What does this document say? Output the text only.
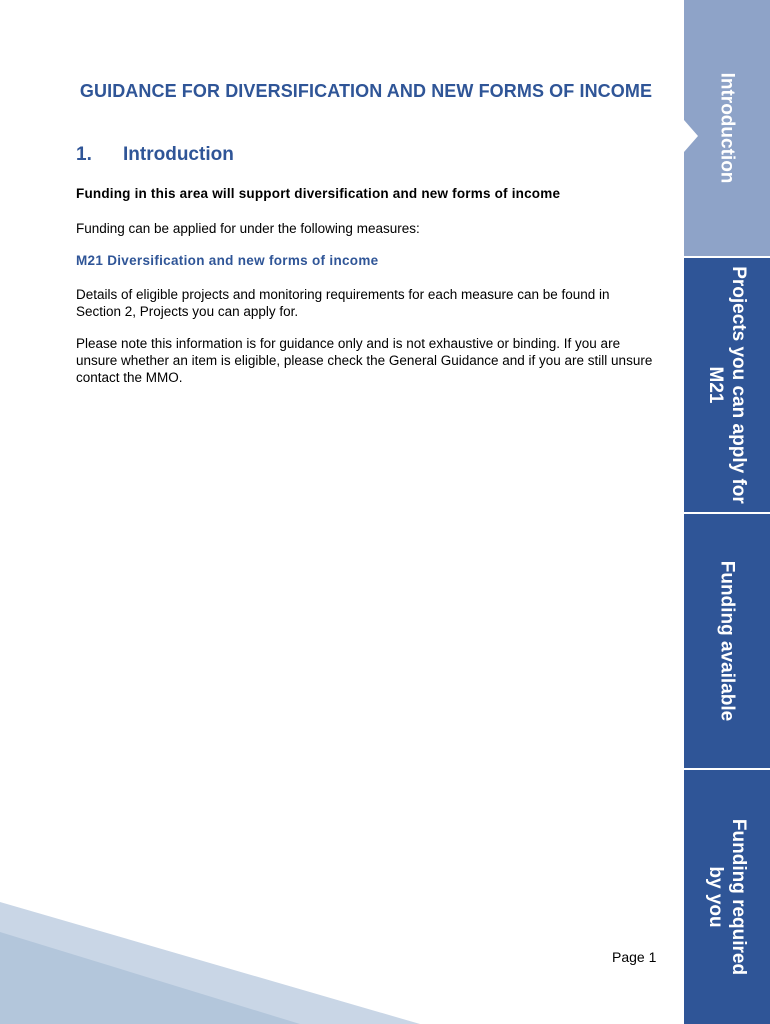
GUIDANCE FOR DIVERSIFICATION AND NEW FORMS OF INCOME
1.	Introduction

Funding in this area will support diversification and new forms of income

Funding can be applied for under the following measures:

M21 Diversification and new forms of income

Details of eligible projects and monitoring requirements for each measure can be found in Section 2, Projects you can apply for.

Please note this information is for guidance only and is not exhaustive or binding. If you are unsure whether an item is eligible, please check the General Guidance and if you are still unsure contact the MMO.

Page 1
Introduction
Projects you can apply for
M21
Funding available
Funding required
by you
